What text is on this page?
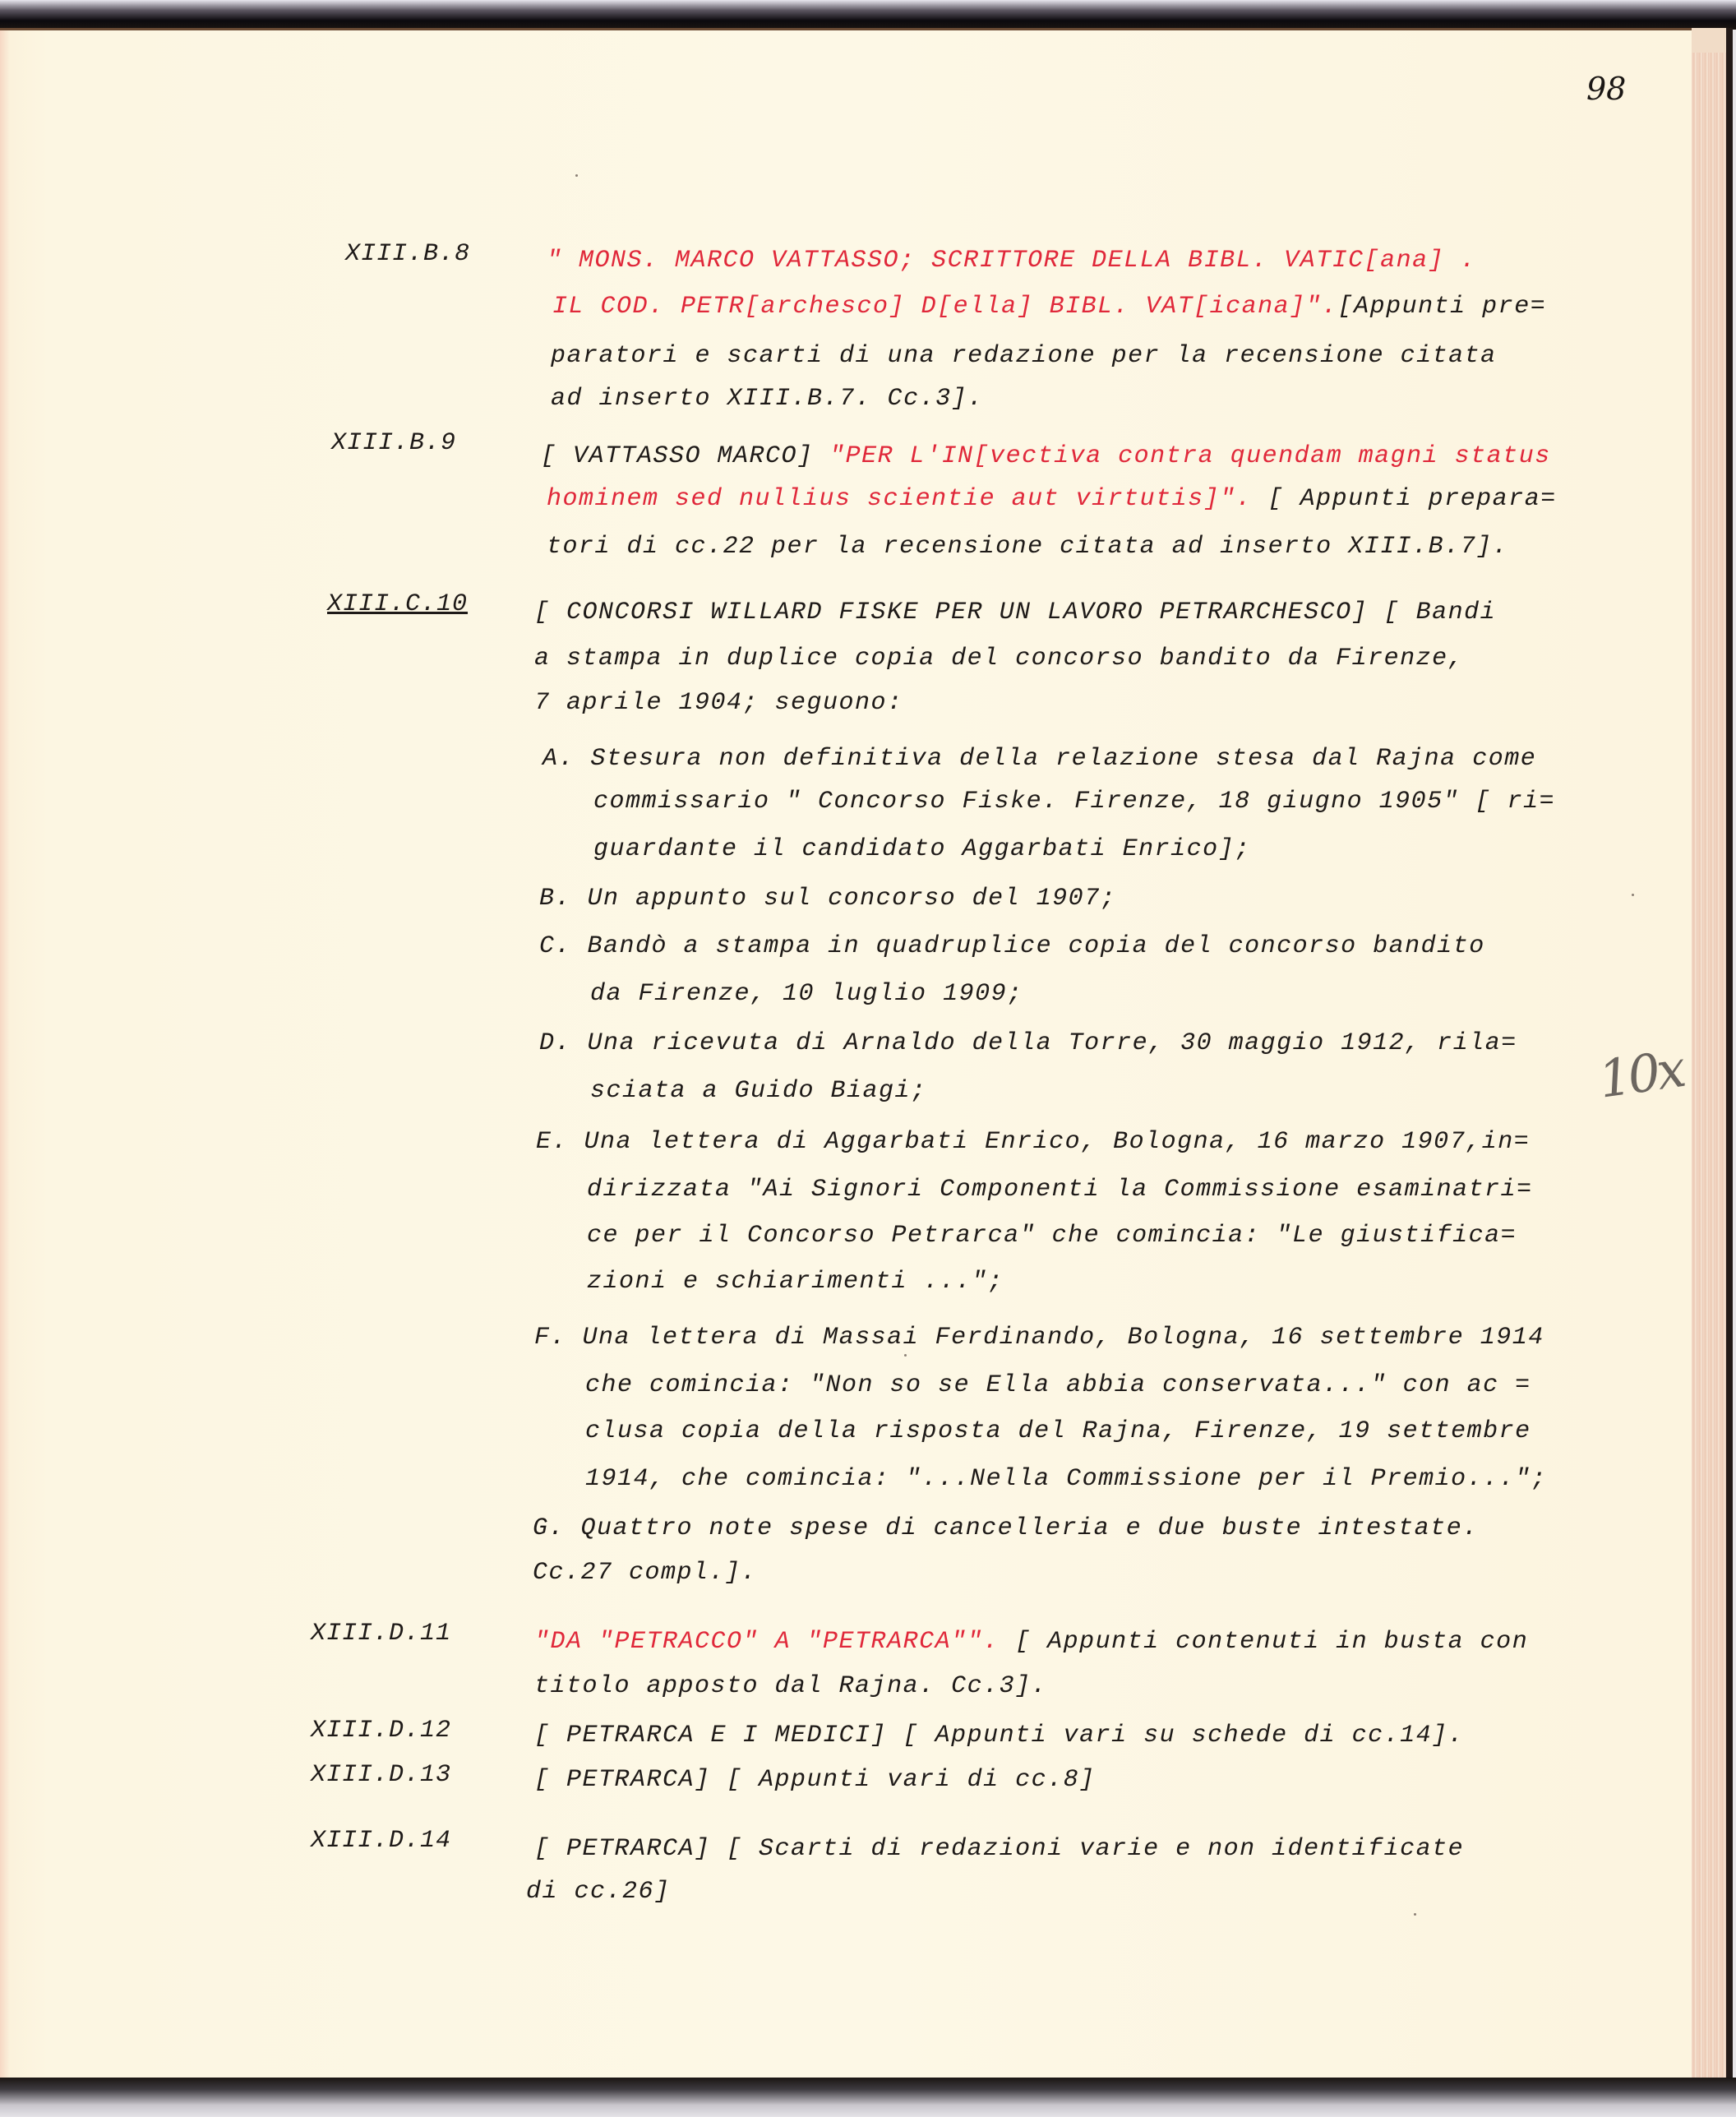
98
XIII.B.8	" MONS. MARCO VATTASSO; SCRITTORE DELLA BIBL. VATIC[ana] .
IL COD. PETR[archesco] D[ella] BIBL. VAT[icana]".[Appunti pre=
paratori e scarti di una redazione per la recensione citata
ad inserto XIII.B.7. Cc.3].
XIII.B.9	[ VATTASSO MARCO] "PER L'IN[vectiva contra quendam magni status
hominem sed nullius scientie aut virtutis]". [ Appunti prepara=
tori di cc.22 per la recensione citata ad inserto XIII.B.7].
XIII.C.10	[ CONCORSI WILLARD FISKE PER UN LAVORO PETRARCHESCO] [ Bandi
a stampa in duplice copia del concorso bandito da Firenze,
7 aprile 1904; seguono:
A. Stesura non definitiva della relazione stesa dal Rajna come
commissario " Concorso Fiske. Firenze, 18 giugno 1905" [ ri=
guardante il candidato Aggarbati Enrico];
B. Un appunto sul concorso del 1907;
C. Bandò a stampa in quadruplice copia del concorso bandito
da Firenze, 10 luglio 1909;
D. Una ricevuta di Arnaldo della Torre, 30 maggio 1912, rila=
sciata a Guido Biagi;
E. Una lettera di Aggarbati Enrico, Bologna, 16 marzo 1907,in=
dirizzata "Ai Signori Componenti la Commissione esaminatri=
ce per il Concorso Petrarca" che comincia: "Le giustifica=
zioni e schiarimenti ...";
F. Una lettera di Massai Ferdinando, Bologna, 16 settembre 1914
che comincia: "Non so se Ella abbia conservata..." con ac =
clusa copia della risposta del Rajna, Firenze, 19 settembre
1914, che comincia: "...Nella Commissione per il Premio...";
G. Quattro note spese di cancelleria e due buste intestate.
Cc.27 compl.].
XIII.D.11	"DA "PETRACCO" A "PETRARCA"". [ Appunti contenuti in busta con
titolo apposto dal Rajna. Cc.3].
XIII.D.12	[ PETRARCA E I MEDICI] [ Appunti vari su schede di cc.14].
XIII.D.13	[ PETRARCA] [ Appunti vari di cc.8]
XIII.D.14	[ PETRARCA] [ Scarti di redazioni varie e non identificate
di cc.26]
10x
